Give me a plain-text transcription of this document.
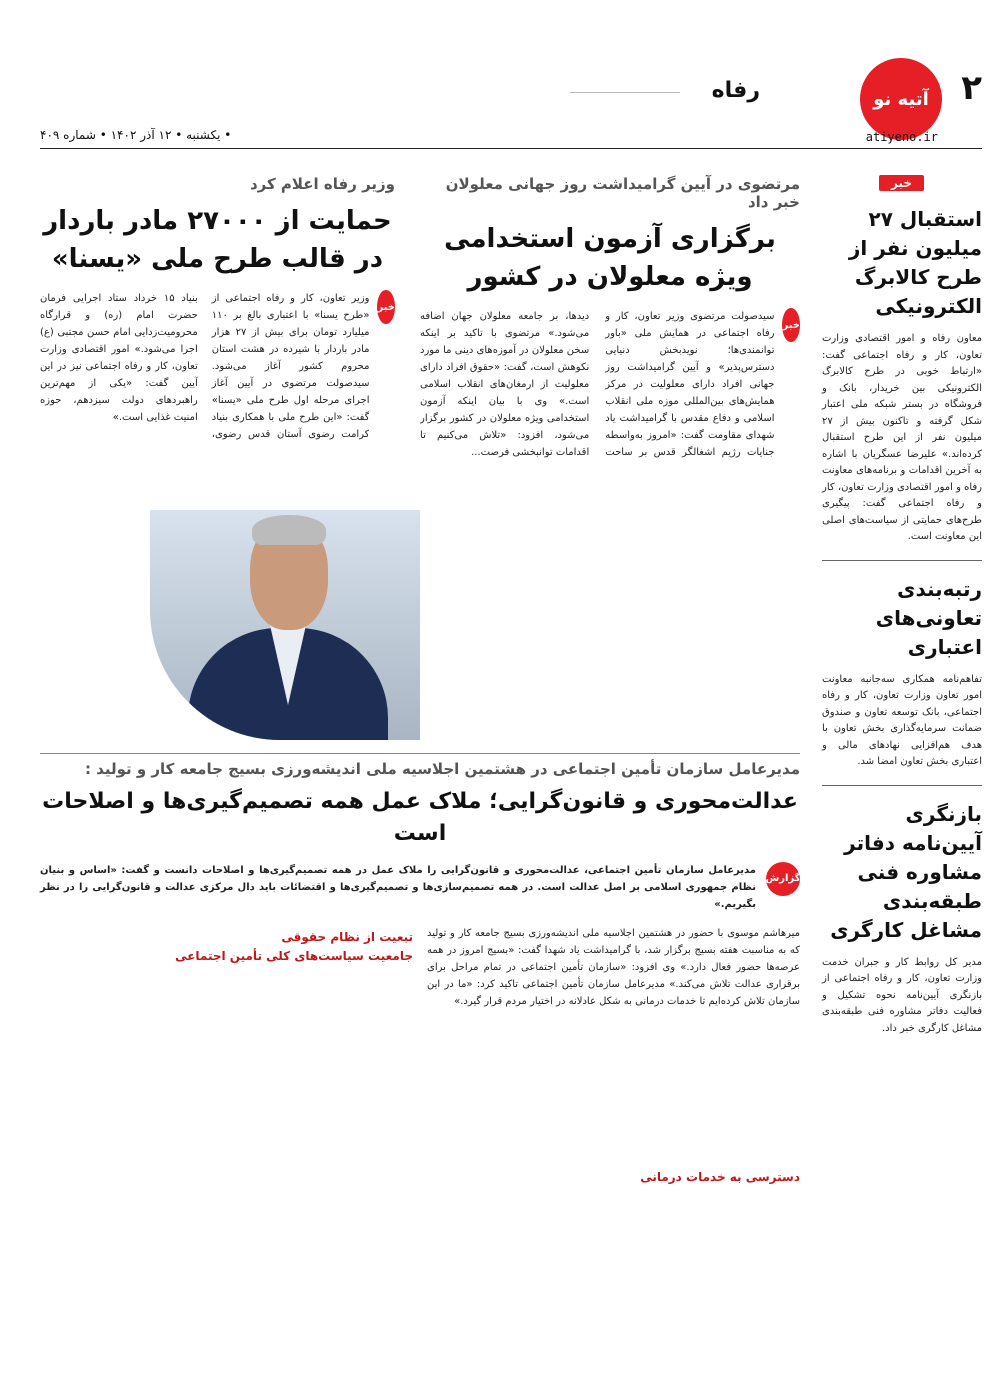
۲
آتیه نو
رفاه
atiyeno.ir
• یکشنبه • ۱۲ آذر ۱۴۰۲ • شماره ۴۰۹
خبر
استقبال ۲۷ میلیون نفر از طرح کالابرگ الکترونیکی

معاون رفاه و امور اقتصادی وزارت تعاون، کار و رفاه اجتماعی گفت: «ارتباط خوبی در طرح کالابرگ الکترونیکی بین خریدار، بانک و فروشگاه در بستر شبکه ملی اعتبار شکل گرفته و تاکنون بیش از ۲۷ میلیون نفر از این طرح استقبال کرده‌اند.» علیرضا عسگریان با اشاره به آخرین اقدامات و برنامه‌های معاونت رفاه و امور اقتصادی وزارت تعاون، کار و رفاه اجتماعی گفت: پیگیری طرح‌های حمایتی از سیاست‌های اصلی این معاونت است.

رتبه‌بندی تعاونی‌های اعتباری

تفاهم‌نامه همکاری سه‌جانبه معاونت امور تعاون وزارت تعاون، کار و رفاه اجتماعی، بانک توسعه تعاون و صندوق ضمانت سرمایه‌گذاری بخش تعاون با هدف هم‌افزایی نهادهای مالی و اعتباری بخش تعاون امضا شد.

بازنگری آیین‌نامه دفاتر مشاوره فنی طبقه‌بندی مشاغل کارگری

مدیر کل روابط کار و جبران خدمت وزارت تعاون، کار و رفاه اجتماعی از بازنگری آیین‌نامه نحوه تشکیل و فعالیت دفاتر مشاوره فنی طبقه‌بندی مشاغل کارگری خبر داد.

مرتضوی در آیین گرامیداشت روز جهانی معلولان خبر داد
برگزاری آزمون استخدامی ویژه معلولان در کشور
خبر
سید‌صولت مرتضوی وزیر تعاون، کار و رفاه اجتماعی در همایش ملی «باور توانمندی‌ها؛ نوید‌بخش دنیایی دسترس‌پذیر» و آیین گرامیداشت روز جهانی افراد دارای معلولیت در مرکز همایش‌های بین‌المللی موزه ملی انقلاب اسلامی و دفاع مقدس با گرامیداشت یاد شهدای مقاومت گفت: «امروز به‌واسطه جنایات رژیم اشغالگر قدس بر ساحت دیدها، بر جامعه معلولان جهان اضافه می‌شود.» مرتضوی با تاکید بر اینکه سخن معلولان در آموزه‌های دینی ما مورد نکوهش است، گفت: «حقوق افراد دارای معلولیت از ارمغان‌های انقلاب اسلامی است.» وی با بیان اینکه آزمون استخدامی ویژه معلولان در کشور برگزار می‌شود، افزود: «تلاش می‌کنیم تا اقدامات توانبخشی فرصت...
وزیر رفاه اعلام کرد
حمایت از ۲۷۰۰۰ مادر باردار در قالب طرح ملی «یسنا»
خبر
وزیر تعاون، کار و رفاه اجتماعی از «طرح یسنا» با اعتباری بالغ بر ۱۱۰ میلیارد تومان برای بیش از ۲۷ هزار مادر باردار با شیرده در هشت استان محروم کشور آغاز می‌شود. سید‌صولت مرتضوی در آیین آغاز اجرای مرحله اول طرح ملی «یسنا» گفت: «این طرح ملی با همکاری بنیاد کرامت رضوی آستان قدس رضوی، بنیاد ۱۵ خرداد ستاد اجرایی فرمان حضرت امام (ره) و قرارگاه محرومیت‌زدایی امام حسن مجتبی (ع) اجرا می‌شود.» امور اقتصادی وزارت تعاون، کار و رفاه اجتماعی نیز در این آیین گفت: «یکی از مهم‌ترین راهبردهای دولت سیزدهم، حوزه امنیت غذایی است.»
مدیرعامل سازمان تأمین اجتماعی در هشتمین اجلاسیه ملی اندیشه‌ورزی بسیج جامعه کار و تولید :
عدالت‌محوری و قانون‌گرایی؛ ملاک عمل همه تصمیم‌گیری‌ها و اصلاحات است
گزارش
مدیرعامل سازمان تأمین اجتماعی، عدالت‌محوری و قانون‌گرایی را ملاک عمل در همه تصمیم‌گیری‌ها و اصلاحات دانست و گفت: «اساس و بنیان نظام جمهوری اسلامی بر اصل عدالت است. در همه تصمیم‌سازی‌ها و تصمیم‌گیری‌ها و اقتضائات باید دال مرکزی عدالت و قانون‌گرایی را در نظر بگیریم.»
میرهاشم موسوی با حضور در هشتمین اجلاسیه ملی اندیشه‌ورزی بسیج جامعه کار و تولید که به مناسبت هفته بسیج برگزار شد، با گرامیداشت یاد شهدا گفت: «بسیج امروز در همه عرصه‌ها حضور فعال دارد.» وی افزود: «سازمان تأمین اجتماعی در تمام مراحل برای برقراری عدالت تلاش می‌کند.» مدیرعامل سازمان تأمین اجتماعی تاکید کرد: «ما در این سازمان تلاش کرده‌ایم تا خدمات درمانی به شکل عادلانه در اختیار مردم قرار گیرد.»
دسترسی به خدمات درمانی
تبعیت از نظام حقوقی
جامعیت سیاست‌های کلی تأمین اجتماعی
